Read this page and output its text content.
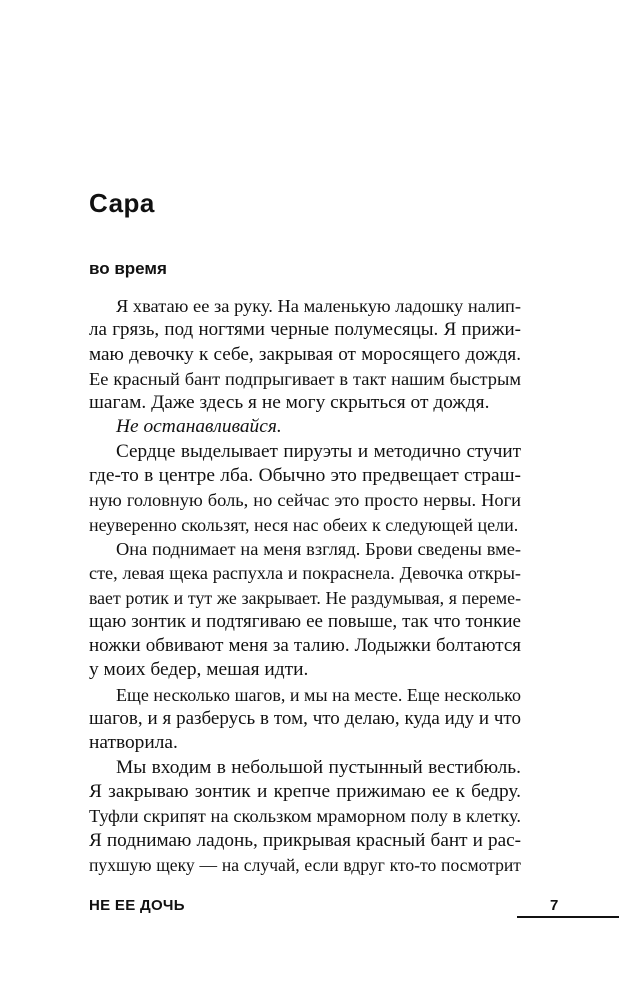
Сара
во время
Я хватаю ее за руку. На маленькую ладошку налип-
ла грязь, под ногтями черные полумесяцы. Я прижи-
маю девочку к себе, закрывая от моросящего дождя.
Ее красный бант подпрыгивает в такт нашим быстрым
шагам. Даже здесь я не могу скрыться от дождя.
Не останавливайся.
Сердце выделывает пируэты и методично стучит
где-то в центре лба. Обычно это предвещает страш-
ную головную боль, но сейчас это просто нервы. Ноги
неуверенно скользят, неся нас обеих к следующей цели.
Она поднимает на меня взгляд. Брови сведены вме-
сте, левая щека распухла и покраснела. Девочка откры-
вает ротик и тут же закрывает. Не раздумывая, я переме-
щаю зонтик и подтягиваю ее повыше, так что тонкие
ножки обвивают меня за талию. Лодыжки болтаются
у моих бедер, мешая идти.
Еще несколько шагов, и мы на месте. Еще несколько
шагов, и я разберусь в том, что делаю, куда иду и что
натворила.
Мы входим в небольшой пустынный вестибюль.
Я закрываю зонтик и крепче прижимаю ее к бедру.
Туфли скрипят на скользком мраморном полу в клетку.
Я поднимаю ладонь, прикрывая красный бант и рас-
пухшую щеку — на случай, если вдруг кто-то посмотрит
НЕ ЕЕ ДОЧЬ	7
